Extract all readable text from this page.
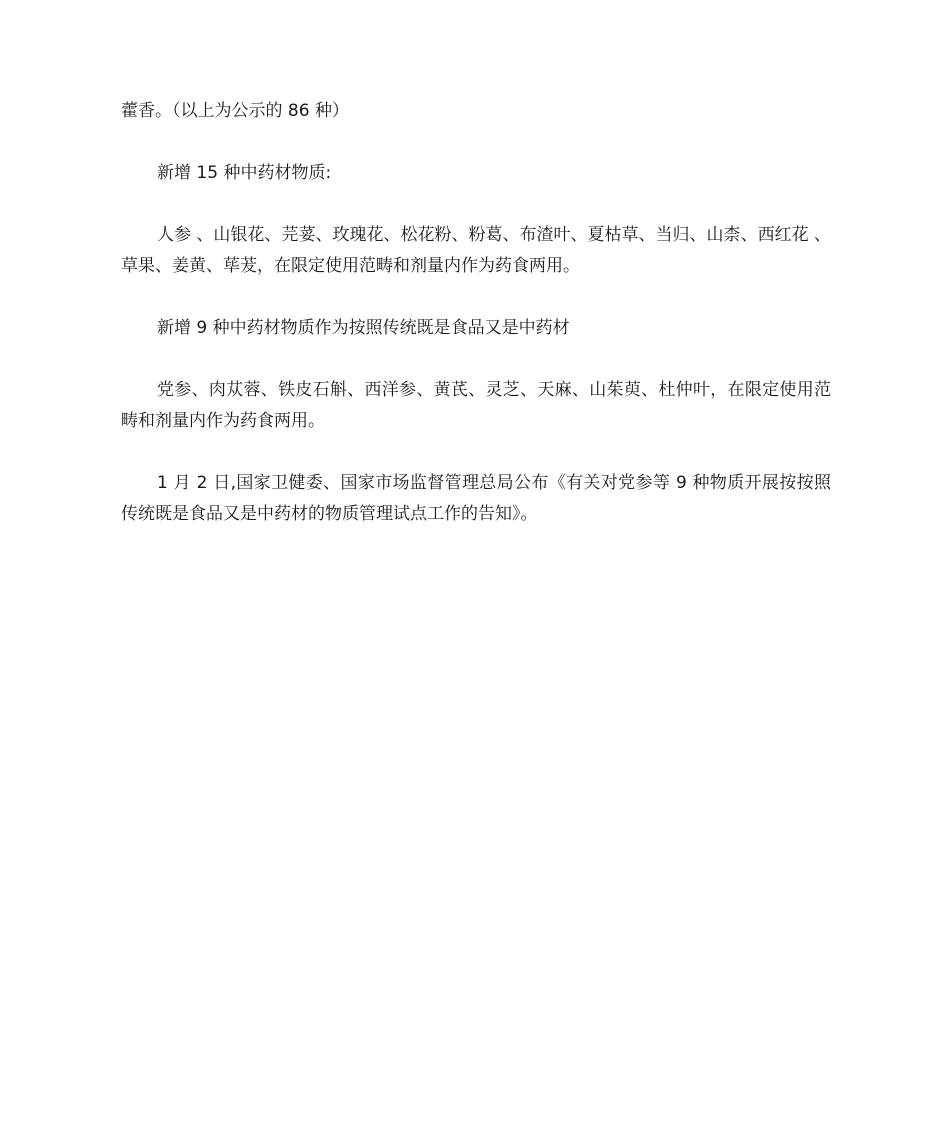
藿香。（以上为公示的 86 种）

新增 15 种中药材物质:

人参 、山银花、芫荽、玫瑰花、松花粉、粉葛、布渣叶、夏枯草、当归、山柰、西红花 、草果、姜黄、荜茇，在限定使用范畴和剂量内作为药食两用。

新增 9 种中药材物质作为按照传统既是食品又是中药材

党参、肉苁蓉、铁皮石斛、西洋参、黄芪、灵芝、天麻、山茱萸、杜仲叶，在限定使用范畴和剂量内作为药食两用。

1 月 2 日,国家卫健委、国家市场监督管理总局公布《有关对党参等 9 种物质开展按按照传统既是食品又是中药材的物质管理试点工作的告知》。
